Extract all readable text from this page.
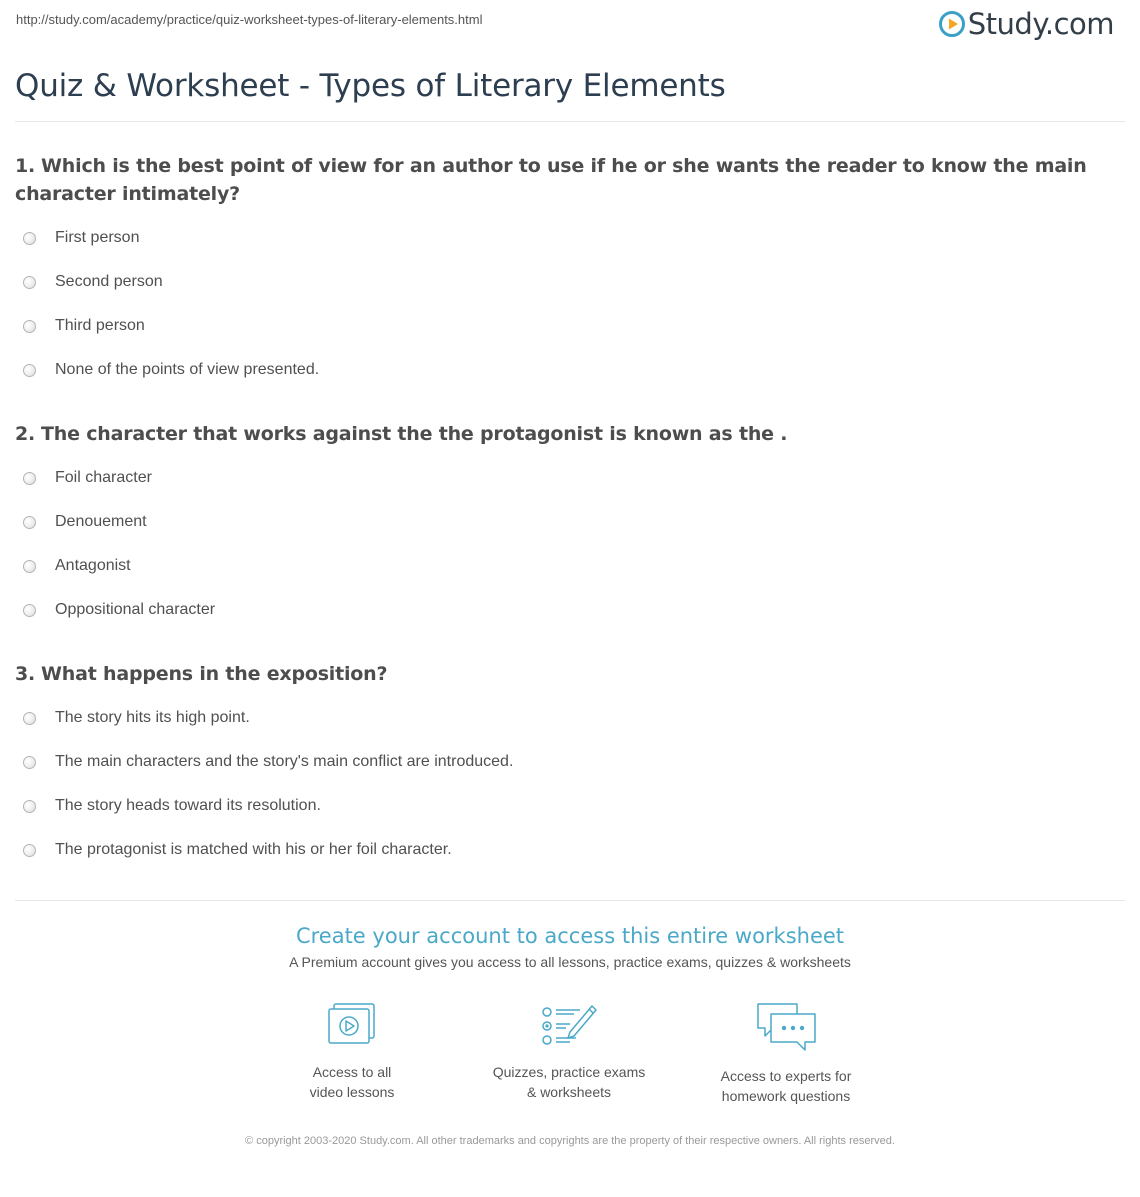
http://study.com/academy/practice/quiz-worksheet-types-of-literary-elements.html	Study.com
Quiz & Worksheet - Types of Literary Elements

1. Which is the best point of view for an author to use if he or she wants the reader to know the main character intimately?

First person
Second person
Third person
None of the points of view presented.

2. The character that works against the the protagonist is known as the .

Foil character
Denouement
Antagonist
Oppositional character

3. What happens in the exposition?

The story hits its high point.
The main characters and the story's main conflict are introduced.
The story heads toward its resolution.
The protagonist is matched with his or her foil character.
Create your account to access this entire worksheet
A Premium account gives you access to all lessons, practice exams, quizzes & worksheets
Access to all
video lessons
Quizzes, practice exams
& worksheets
Access to experts for
homework questions
© copyright 2003-2020 Study.com. All other trademarks and copyrights are the property of their respective owners. All rights reserved.
